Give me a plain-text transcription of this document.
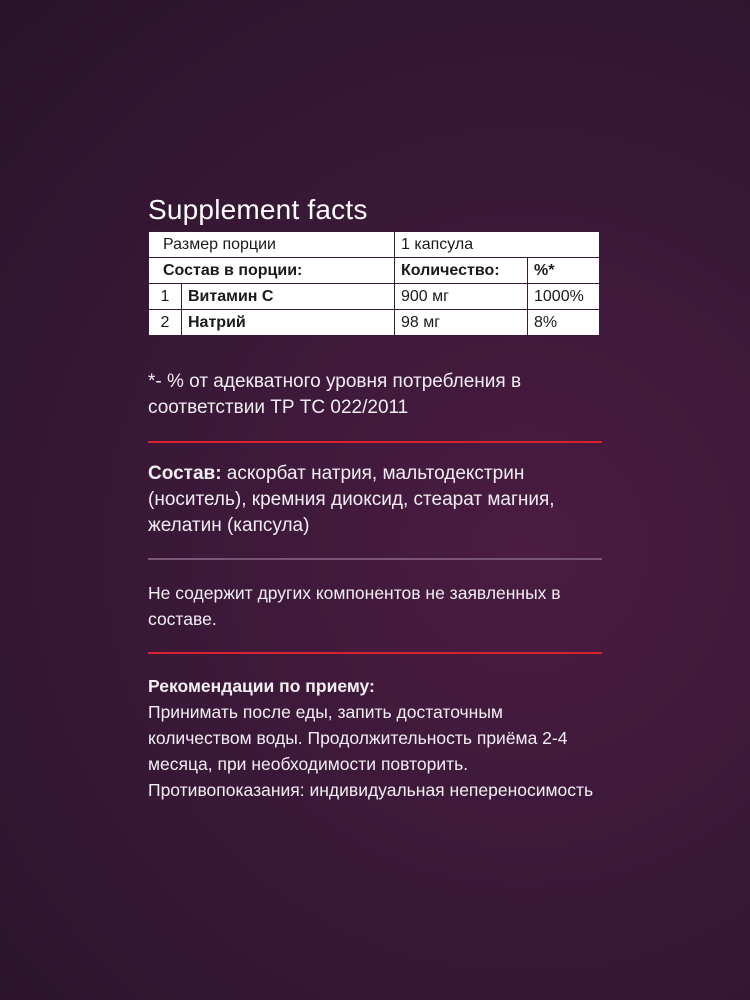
Supplement facts
Размер порции		1 капсула	
Состав в порции:		Количество:	%*
1	Витамин С	900 мг	1000%
2	Натрий	98 мг	8%
*- % от адекватного уровня потребления в соответствии ТР ТС 022/2011
Состав: аскорбат натрия, мальтодекстрин (носитель), кремния диоксид, стеарат магния, желатин (капсула)
Не содержит других компонентов не заявленных в составе.
Рекомендации по приему:
Принимать после еды, запить достаточным количеством воды. Продолжительность приёма 2-4 месяца, при необходимости повторить. Противопоказания: индивидуальная непереносимость
